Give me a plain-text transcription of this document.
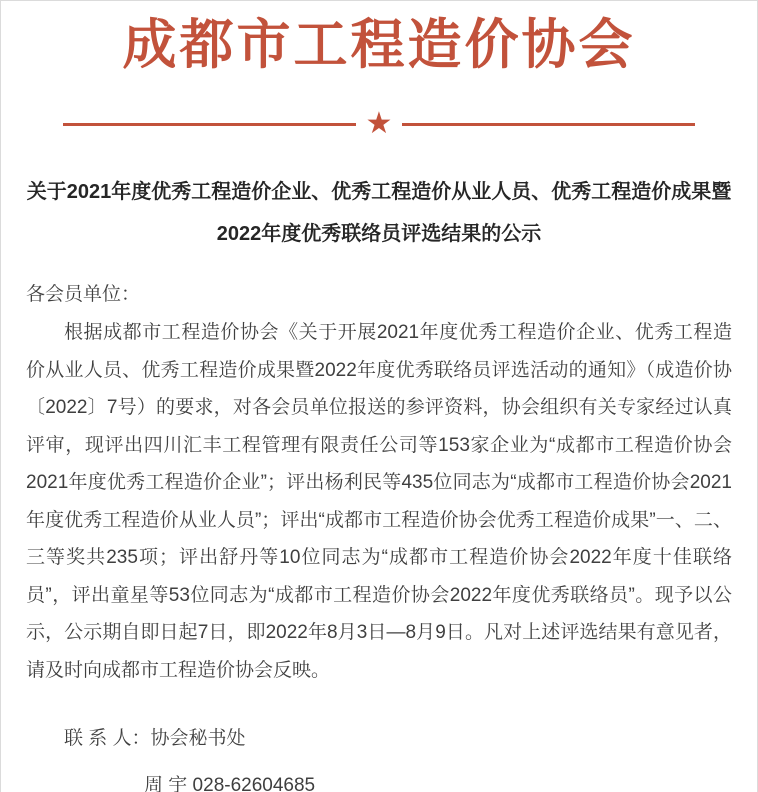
成都市工程造价协会
★
关于2021年度优秀工程造价企业、优秀工程造价从业人员、优秀工程造价成果暨
2022年度优秀联络员评选结果的公示

各会员单位：

根据成都市工程造价协会《关于开展2021年度优秀工程造价企业、优秀工程造价从业人员、优秀工程造价成果暨2022年度优秀联络员评选活动的通知》（成造价协〔2022〕7号）的要求，对各会员单位报送的参评资料，协会组织有关专家经过认真评审，现评出四川汇丰工程管理有限责任公司等153家企业为“成都市工程造价协会2021年度优秀工程造价企业”；评出杨利民等435位同志为“成都市工程造价协会2021年度优秀工程造价从业人员”；评出“成都市工程造价协会优秀工程造价成果”一、二、三等奖共235项；评出舒丹等10位同志为“成都市工程造价协会2022年度十佳联络员”，评出童星等53位同志为“成都市工程造价协会2022年度优秀联络员”。现予以公示，公示期自即日起7日，即2022年8月3日—8月9日。凡对上述评选结果有意见者，请及时向成都市工程造价协会反映。

联 系 人：协会秘书处

周 宇 028-62604685
